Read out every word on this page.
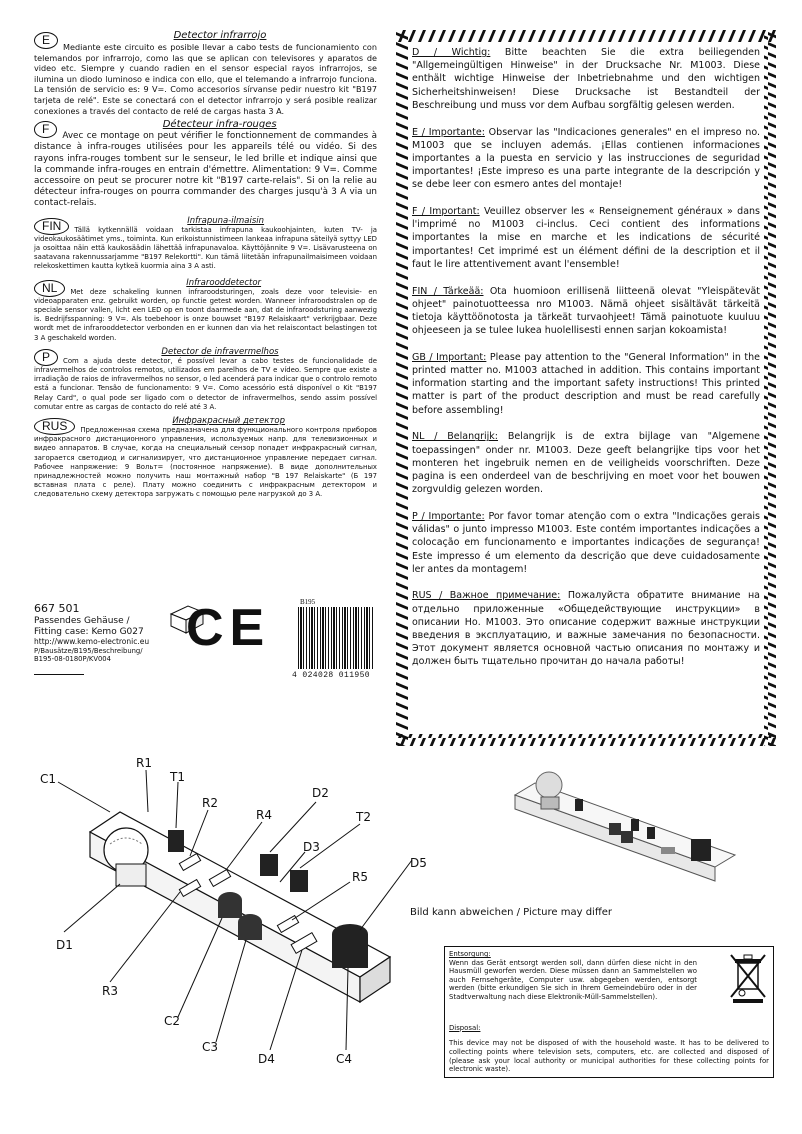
E	Detector infrarrojo

Mediante este circuito es posible llevar a cabo tests de funcionamiento con telemandos por infrarrojo, como las que se aplican con televisores y aparatos de video etc. Siempre y cuando radien en el sensor especial rayos infrarrojos, se ilumina un diodo luminoso e indica con ello, que el telemando a infrarrojo funciona. La tensión de servicio es: 9 V=. Como accesorios sírvanse pedir nuestro kit "B197 tarjeta de relé". Este se conectará con el detector infrarrojo y será posible realizar conexiones a través del contacto de relé de cargas hasta 3 A.

F	Détecteur infra-rouges

Avec ce montage on peut vérifier le fonctionnement de commandes à distance à infra-rouges utilisées pour les appareils télé ou vidéo. Si des rayons infra-rouges tombent sur le senseur, le led brille et indique ainsi que la commande infra-rouges en entrain d'émettre. Alimentation: 9 V=. Comme accessoire on peut se procurer notre kit "B197 carte-relais". Si on la relie au détecteur infra-rouges on pourra commander des charges jusqu'à 3 A via un contact-relais.

FIN	Infrapuna-ilmaisin

Tällä kytkennällä voidaan tarkistaa infrapuna kaukoohjainten, kuten TV- ja videokaukosäätimet yms., toiminta. Kun erikoistunnistimeen lankeaa infrapuna säteilyä syttyy LED ja osoittaa näin että kaukosäädin lähettää infrapunavaloa. Käyttöjännite 9 V=. Lisävarusteena on saatavana rakennussarjamme "B197 Relekortti". Kun tämä liitetään infrapunailmaisimeen voidaan relekoskettimen kautta kytkeä kuormia aina 3 A asti.

NL	Infrarooddetector

Met deze schakeling kunnen infraroodsturingen, zoals deze voor televisie- en videoapparaten enz. gebruikt worden, op functie getest worden. Wanneer infraroodstralen op de speciale sensor vallen, licht een LED op en toont daarmede aan, dat de infraroodsturing aanwezig is. Bedrijfsspanning: 9 V=. Als toebehoor is onze bouwset "B197 Relaiskaart" verkrijgbaar. Deze wordt met de infrarooddetector verbonden en er kunnen dan via het relaiscontact belastingen tot 3 A geschakeld worden.

P	Detector de infravermelhos

Com a ajuda deste detector, é possível levar a cabo testes de funcionalidade de infravermelhos de controlos remotos, utilizados em parelhos de TV e vídeo. Sempre que existe a irradiação de raios de infravermelhos no sensor, o led acenderá para indicar que o controlo remoto está a funcionar. Tensão de funcionamento: 9 V=. Como acessório está disponível o Kit "B197 Relay Card", o qual pode ser ligado com o detector de infravermelhos, sendo assim possível comutar entre as cargas de contacto do relé até 3 A.

RUS	Инфракрасный детектор

Предложенная схема предназначена для функционального контроля приборов инфракрасного дистанционного управления, используемых напр. для телевизионных и видео аппаратов. В случае, когда на специальный сензор попадет инфракрасный сигнал, загорается светодиод и сигнализирует, что дистанционное управление передает сигнал. Рабочее напряжение: 9 Вольт= (постоянное напряжение). В виде дополнительных принадлежностей можно получить наш монтажный набор "B 197 Relaiskarte" (Б 197 вставная плата с реле). Плату можно соединить с инфракрасным детектором и следовательно схему детектора загружать с помощью реле нагрузкой до 3 А.

667 501
Passendes Gehäuse /
Fitting case: Kemo G027
http://www.kemo-electronic.eu
P/Bausätze/B195/Beschreibung/
B195-08-0180P/KV004
CE	B195
4 024028 011950

D / Wichtig: Bitte beachten Sie die extra beiliegenden "Allgemeingültigen Hinweise" in der Drucksache Nr. M1003. Diese enthält wichtige Hinweise der Inbetriebnahme und den wichtigen Sicherheitshinweisen! Diese Drucksache ist Bestandteil der Beschreibung und muss vor dem Aufbau sorgfältig gelesen werden.

E / Importante: Observar las "Indicaciones generales" en el impreso no. M1003 que se incluyen además. ¡Ellas contienen informaciones importantes a la puesta en servicio y las instrucciones de seguridad importantes! ¡Este impreso es una parte integrante de la descripción y se debe leer con esmero antes del montaje!

F / Important: Veuillez observer les « Renseignement généraux » dans l'imprimé no M1003 ci-inclus. Ceci contient des informations importantes la mise en marche et les indications de sécurité importantes! Cet imprimé est un élément défini de la description et il faut le lire attentivement avant l'ensemble!

FIN / Tärkeää: Ota huomioon erillisenä liitteenä olevat "Yleispätevät ohjeet" painotuotteessa nro M1003. Nämä ohjeet sisältävät tärkeitä tietoja käyttöönotosta ja tärkeät turvaohjeet! Tämä painotuote kuuluu ohjeeseen ja se tulee lukea huolellisesti ennen sarjan kokoamista!

GB / Important: Please pay attention to the "General Information" in the printed matter no. M1003 attached in addition. This contains important information starting and the important safety instructions! This printed matter is part of the product description and must be read carefully before assembling!

NL / Belangrijk: Belangrijk is de extra bijlage van "Algemene toepassingen" onder nr. M1003. Deze geeft belangrijke tips voor het monteren het ingebruik nemen en de veiligheids voorschriften. Deze pagina is een onderdeel van de beschrijving en moet voor het bouwen zorgvuldig gelezen worden.

P / Importante: Por favor tomar atenção com o extra "Indicações gerais válidas" o junto impresso M1003. Este contém importantes indicações a colocação em funcionamento e importantes indicações de segurança! Este impresso é um elemento da descrição que deve cuidadosamente ler antes da montagem!

RUS / Важное примечание: Пожалуйста обратите внимание на отдельно приложенные «Общедействующие инструкции» в описании Но. М1003. Это описание содержит важные инструкции введения в эксплуатацию, и важные замечания по безопасности. Этот документ является основной частью описания по монтажу и должен быть тщательно прочитан до начала работы!

C1
R1
T1
R2
R4
D2
T2
D3
R5
D5
D1
R3
C2
C3
D4	C4
Bild kann abweichen / Picture may differ

Entsorgung:

Wenn das Gerät entsorgt werden soll, dann dürfen diese nicht in den Hausmüll geworfen werden. Diese müssen dann an Sammelstellen wo auch Fernsehgeräte, Computer usw. abgegeben werden, entsorgt werden (bitte erkundigen Sie sich in Ihrem Gemeindebüro oder in der Stadtverwaltung nach diese Elektronik-Müll-Sammelstellen).

Disposal:

This device may not be disposed of with the household waste. It has to be delivered to collecting points where television sets, computers, etc. are collected and disposed of (please ask your local authority or municipal authorities for these collecting points for electronic waste).
